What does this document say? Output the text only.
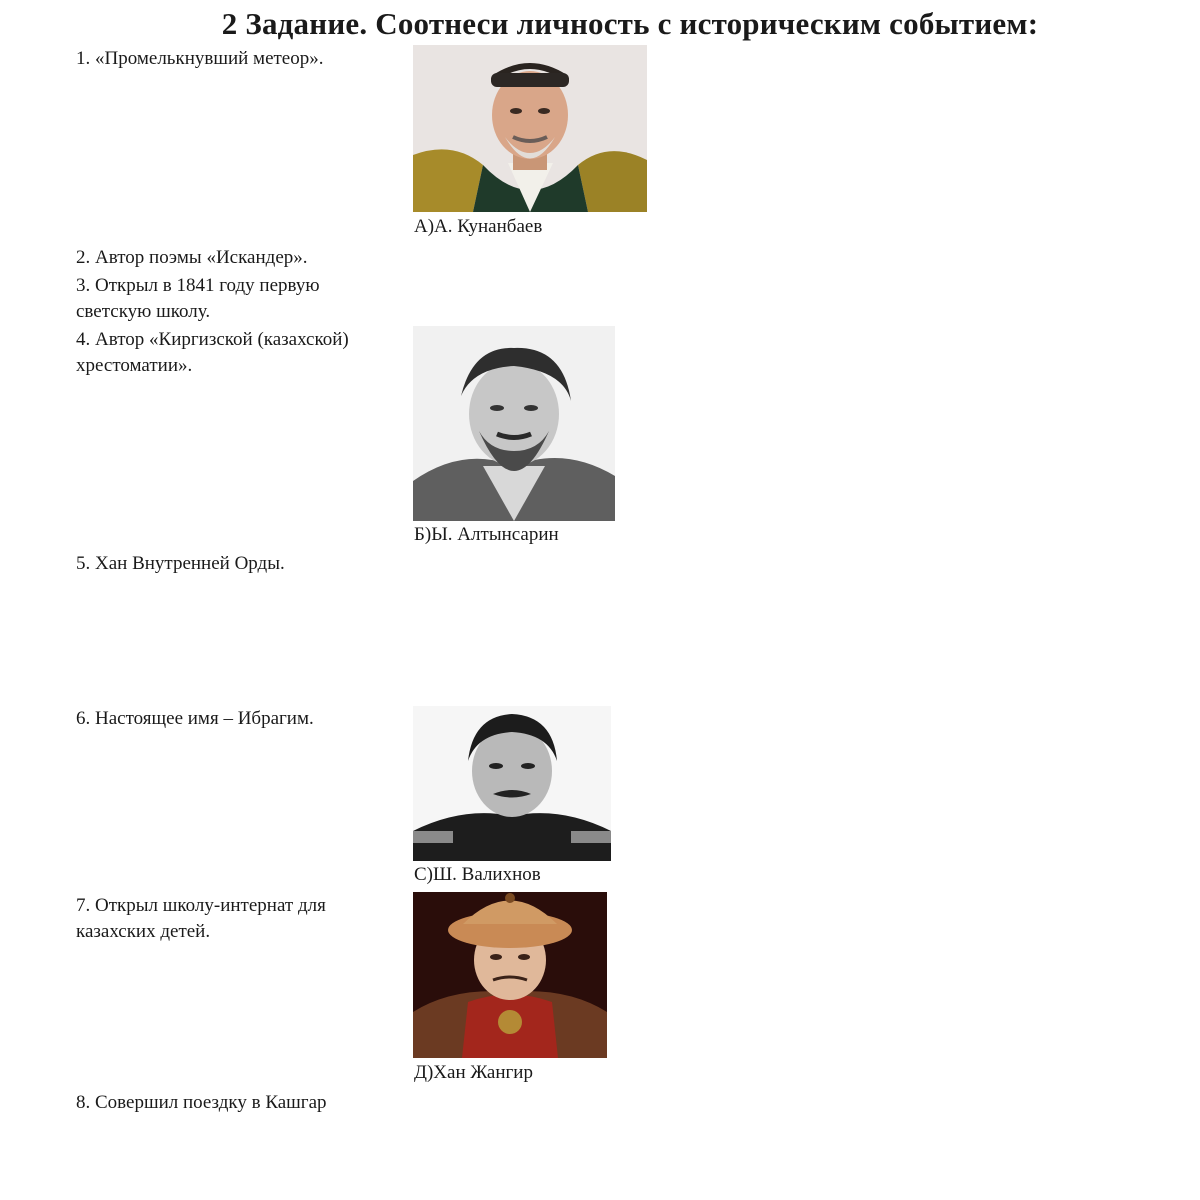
2 Задание. Соотнеси личность с историческим событием:
1. «Промелькнувший метеор».
2. Автор поэмы «Искандер».
3. Открыл в 1841 году первую
светскую школу.
4. Автор «Киргизской (казахской)
хрестоматии».
5. Хан Внутренней Орды.
6. Настоящее имя – Ибрагим.
7. Открыл школу-интернат для
казахских детей.
8. Совершил поездку в Кашгар
А)А. Кунанбаев
Б)Ы. Алтынсарин
С)Ш. Валихнов
Д)Хан Жангир
